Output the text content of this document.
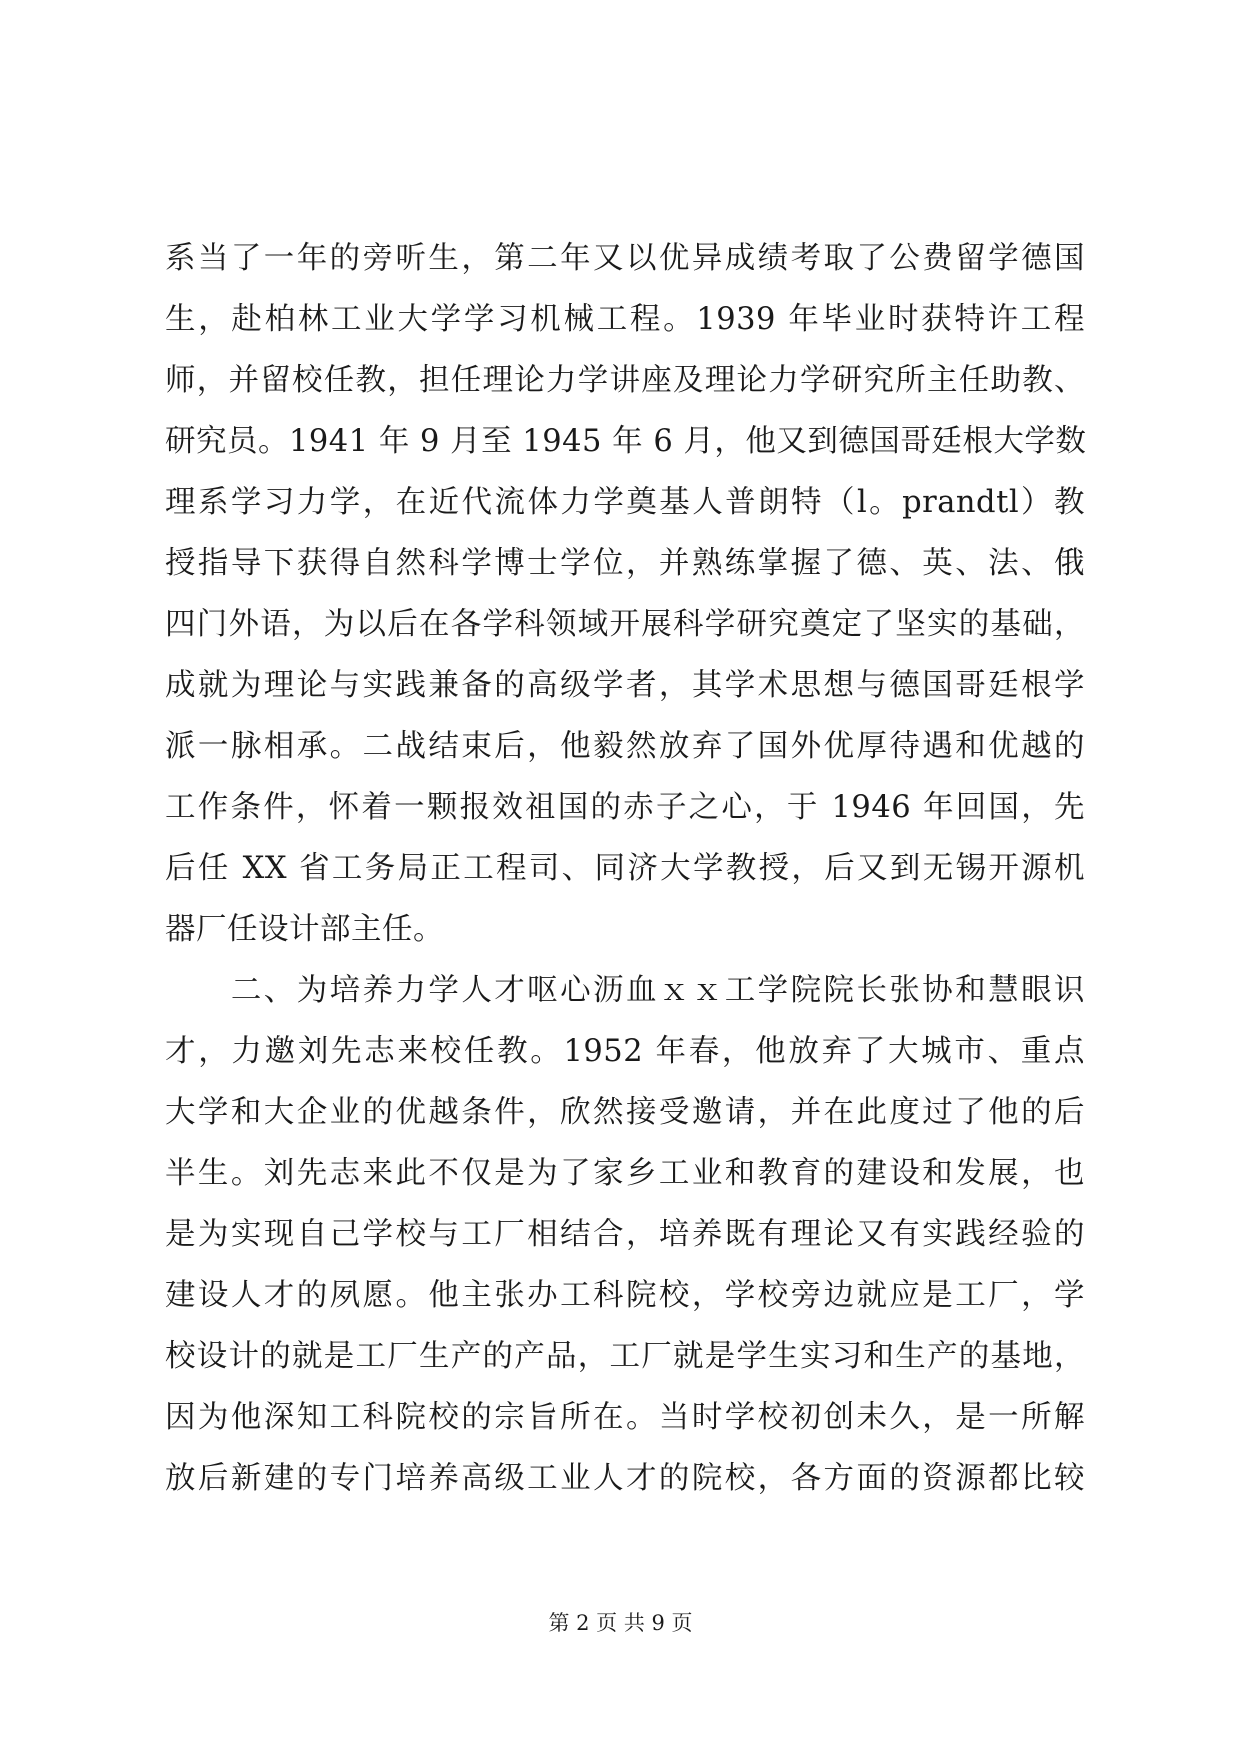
系当了一年的旁听生，第二年又以优异成绩考取了公费留学德国
生，赴柏林工业大学学习机械工程。1939 年毕业时获特许工程
师，并留校任教，担任理论力学讲座及理论力学研究所主任助教、
研究员。1941 年 9 月至 1945 年 6 月，他又到德国哥廷根大学数
理系学习力学，在近代流体力学奠基人普朗特（l。prandtl）教
授指导下获得自然科学博士学位，并熟练掌握了德、英、法、俄
四门外语，为以后在各学科领域开展科学研究奠定了坚实的基础，
成就为理论与实践兼备的高级学者，其学术思想与德国哥廷根学
派一脉相承。二战结束后，他毅然放弃了国外优厚待遇和优越的
工作条件，怀着一颗报效祖国的赤子之心，于 1946 年回国，先
后任 XX 省工务局正工程司、同济大学教授，后又到无锡开源机
器厂任设计部主任。
　　二、为培养力学人才呕心沥血ｘｘ工学院院长张协和慧眼识
才，力邀刘先志来校任教。1952 年春，他放弃了大城市、重点
大学和大企业的优越条件，欣然接受邀请，并在此度过了他的后
半生。刘先志来此不仅是为了家乡工业和教育的建设和发展，也
是为实现自己学校与工厂相结合，培养既有理论又有实践经验的
建设人才的夙愿。他主张办工科院校，学校旁边就应是工厂，学
校设计的就是工厂生产的产品，工厂就是学生实习和生产的基地，
因为他深知工科院校的宗旨所在。当时学校初创未久，是一所解
放后新建的专门培养高级工业人才的院校，各方面的资源都比较
第 2 页 共 9 页
